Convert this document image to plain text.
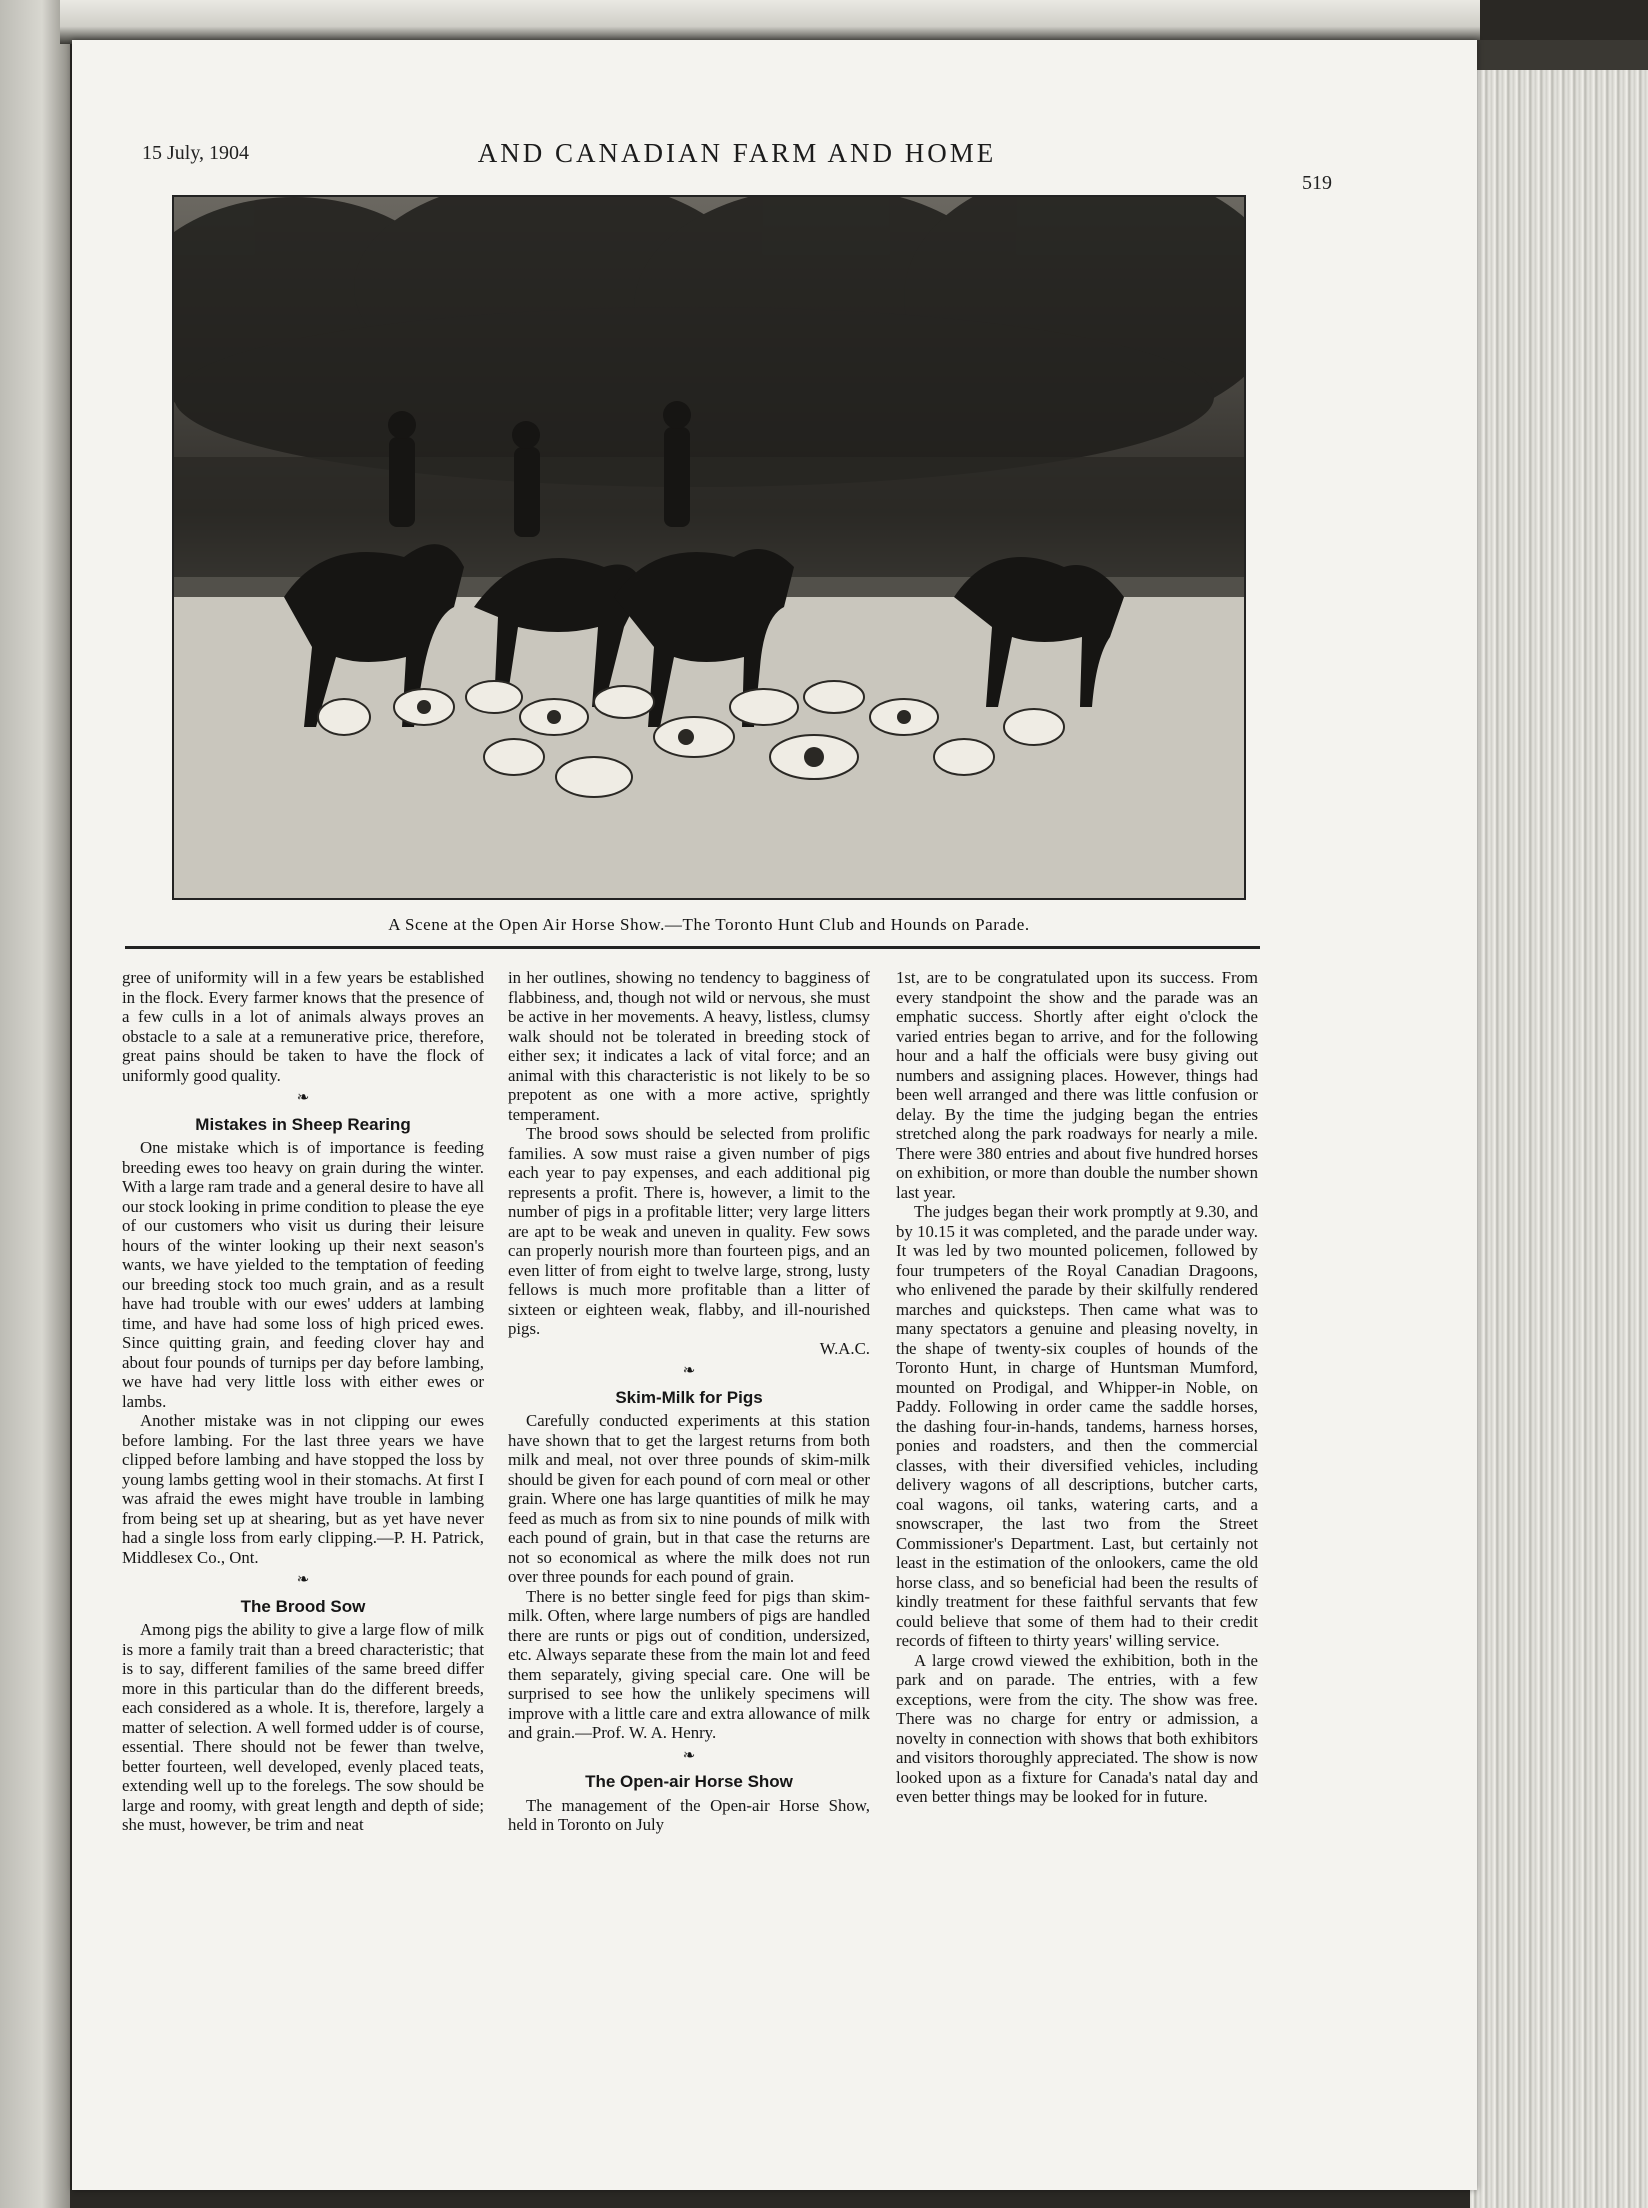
15 July, 1904	AND CANADIAN FARM AND HOME
519
A Scene at the Open Air Horse Show.—The Toronto Hunt Club and Hounds on Parade.

gree of uniformity will in a few years be established in the flock. Every farmer knows that the presence of a few culls in a lot of animals always proves an obstacle to a sale at a remunerative price, therefore, great pains should be taken to have the flock of uniformly good quality.

❧
Mistakes in Sheep Rearing

One mistake which is of importance is feeding breeding ewes too heavy on grain during the winter. With a large ram trade and a general desire to have all our stock looking in prime condition to please the eye of our customers who visit us during their leisure hours of the winter looking up their next season's wants, we have yielded to the temptation of feeding our breeding stock too much grain, and as a result have had trouble with our ewes' udders at lambing time, and have had some loss of high priced ewes. Since quitting grain, and feeding clover hay and about four pounds of turnips per day before lambing, we have had very little loss with either ewes or lambs.

Another mistake was in not clipping our ewes before lambing. For the last three years we have clipped before lambing and have stopped the loss by young lambs getting wool in their stomachs. At first I was afraid the ewes might have trouble in lambing from being set up at shearing, but as yet have never had a single loss from early clipping.—P. H. Patrick, Middlesex Co., Ont.

❧
The Brood Sow

Among pigs the ability to give a large flow of milk is more a family trait than a breed characteristic; that is to say, different families of the same breed differ more in this particular than do the different breeds, each considered as a whole. It is, therefore, largely a matter of selection. A well formed udder is of course, essential. There should not be fewer than twelve, better fourteen, well developed, evenly placed teats, extending well up to the forelegs. The sow should be large and roomy, with great length and depth of side; she must, however, be trim and neat

in her outlines, showing no tendency to bagginess of flabbiness, and, though not wild or nervous, she must be active in her movements. A heavy, listless, clumsy walk should not be tolerated in breeding stock of either sex; it indicates a lack of vital force; and an animal with this characteristic is not likely to be so prepotent as one with a more active, sprightly temperament.

The brood sows should be selected from prolific families. A sow must raise a given number of pigs each year to pay expenses, and each additional pig represents a profit. There is, however, a limit to the number of pigs in a profitable litter; very large litters are apt to be weak and uneven in quality. Few sows can properly nourish more than fourteen pigs, and an even litter of from eight to twelve large, strong, lusty fellows is much more profitable than a litter of sixteen or eighteen weak, flabby, and ill-nourished pigs.

W.A.C.

❧
Skim-Milk for Pigs

Carefully conducted experiments at this station have shown that to get the largest returns from both milk and meal, not over three pounds of skim-milk should be given for each pound of corn meal or other grain. Where one has large quantities of milk he may feed as much as from six to nine pounds of milk with each pound of grain, but in that case the returns are not so economical as where the milk does not run over three pounds for each pound of grain.

There is no better single feed for pigs than skim-milk. Often, where large numbers of pigs are handled there are runts or pigs out of condition, undersized, etc. Always separate these from the main lot and feed them separately, giving special care. One will be surprised to see how the unlikely specimens will improve with a little care and extra allowance of milk and grain.—Prof. W. A. Henry.

❧
The Open-air Horse Show

The management of the Open-air Horse Show, held in Toronto on July

1st, are to be congratulated upon its success. From every standpoint the show and the parade was an emphatic success. Shortly after eight o'clock the varied entries began to arrive, and for the following hour and a half the officials were busy giving out numbers and assigning places. However, things had been well arranged and there was little confusion or delay. By the time the judging began the entries stretched along the park roadways for nearly a mile. There were 380 entries and about five hundred horses on exhibition, or more than double the number shown last year.

The judges began their work promptly at 9.30, and by 10.15 it was completed, and the parade under way. It was led by two mounted policemen, followed by four trumpeters of the Royal Canadian Dragoons, who enlivened the parade by their skilfully rendered marches and quicksteps. Then came what was to many spectators a genuine and pleasing novelty, in the shape of twenty-six couples of hounds of the Toronto Hunt, in charge of Huntsman Mumford, mounted on Prodigal, and Whipper-in Noble, on Paddy. Following in order came the saddle horses, the dashing four-in-hands, tandems, harness horses, ponies and roadsters, and then the commercial classes, with their diversified vehicles, including delivery wagons of all descriptions, butcher carts, coal wagons, oil tanks, watering carts, and a snowscraper, the last two from the Street Commissioner's Department. Last, but certainly not least in the estimation of the onlookers, came the old horse class, and so beneficial had been the results of kindly treatment for these faithful servants that few could believe that some of them had to their credit records of fifteen to thirty years' willing service.

A large crowd viewed the exhibition, both in the park and on parade. The entries, with a few exceptions, were from the city. The show was free. There was no charge for entry or admission, a novelty in connection with shows that both exhibitors and visitors thoroughly appreciated. The show is now looked upon as a fixture for Canada's natal day and even better things may be looked for in future.
